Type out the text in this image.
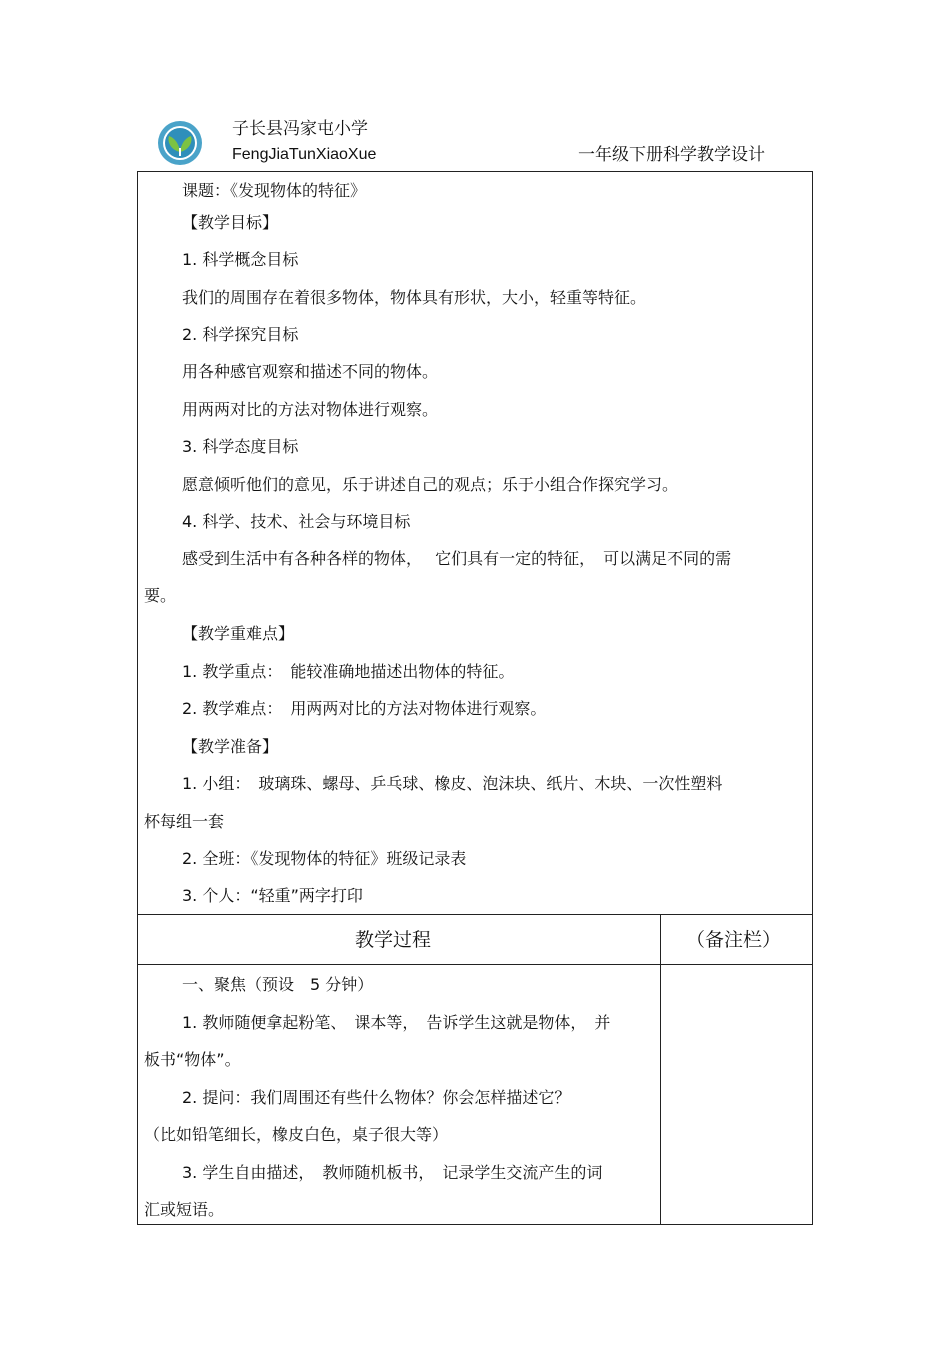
子长县冯家屯小学
FengJiaTunXiaoXue	一年级下册科学教学设计
课题：《发现物体的特征》
【教学目标】
1. 科学概念目标
我们的周围存在着很多物体，物体具有形状，大小，轻重等特征。
2. 科学探究目标
用各种感官观察和描述不同的物体。
用两两对比的方法对物体进行观察。
3. 科学态度目标
愿意倾听他们的意见，乐于讲述自己的观点；乐于小组合作探究学习。
4. 科学、技术、社会与环境目标
感受到生活中有各种各样的物体，　 它们具有一定的特征，　可以满足不同的需
要。
【教学重难点】
1. 教学重点：　能较准确地描述出物体的特征。
2. 教学难点：　用两两对比的方法对物体进行观察。
【教学准备】
1. 小组：　玻璃珠、螺母、乒乓球、橡皮、泡沫块、纸片、木块、一次性塑料
杯每组一套
2. 全班：《发现物体的特征》班级记录表
3. 个人：“轻重”两字打印
教学过程	（备注栏）
一、聚焦（预设　5 分钟）
1. 教师随便拿起粉笔、　课本等，　告诉学生这就是物体，　并
板书“物体”。
2. 提问：我们周围还有些什么物体？你会怎样描述它？
（比如铅笔细长，橡皮白色，桌子很大等）
3. 学生自由描述，　教师随机板书，　记录学生交流产生的词
汇或短语。
